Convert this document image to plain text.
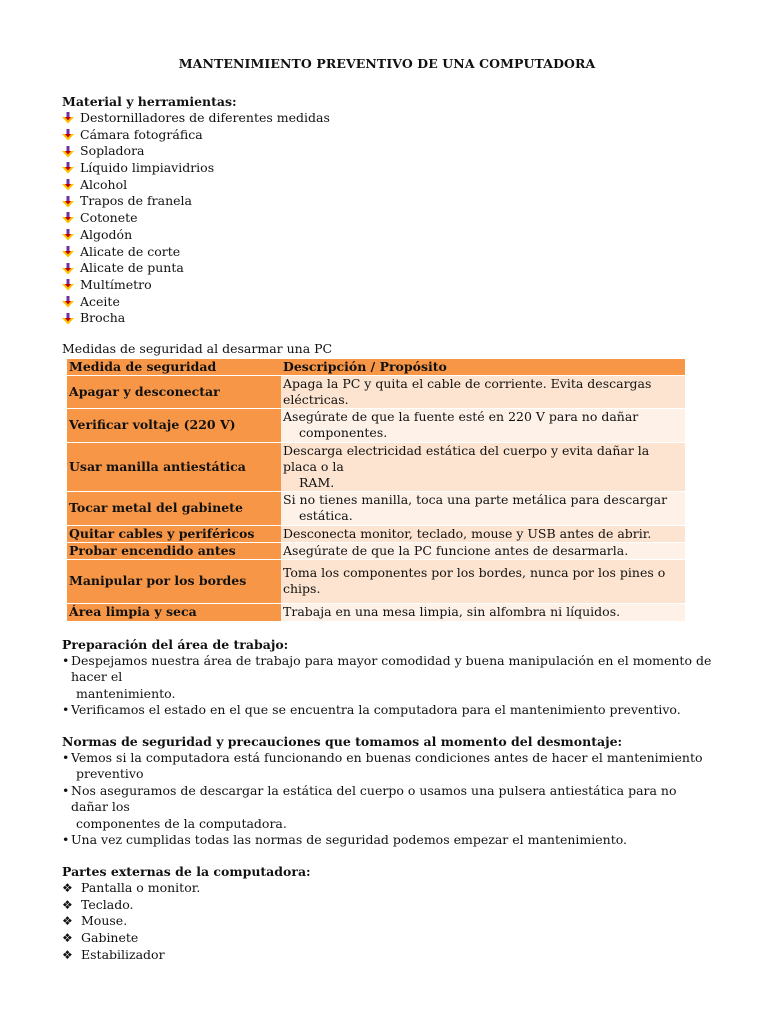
MANTENIMIENTO PREVENTIVO DE UNA COMPUTADORA
Material y herramientas:
Destornilladores de diferentes medidas
Cámara fotográfica
Sopladora
Líquido limpiavidrios
Alcohol
Trapos de franela
Cotonete
Algodón
Alicate de corte
Alicate de punta
Multímetro
Aceite
Brocha
Medidas de seguridad al desarmar una PC
Medida de seguridad	Descripción / Propósito
Apagar y desconectar	Apaga la PC y quita el cable de corriente. Evita descargas eléctricas.
Verificar voltaje (220 V)	Asegúrate de que la fuente esté en 220 V para no dañar
componentes.

Usar manilla antiestática	Descarga electricidad estática del cuerpo y evita dañar la placa o la
RAM.

Tocar metal del gabinete	Si no tienes manilla, toca una parte metálica para descargar
estática.

Quitar cables y periféricos	Desconecta monitor, teclado, mouse y USB antes de abrir.
Probar encendido antes	Asegúrate de que la PC funcione antes de desarmarla.
Manipular por los bordes	Toma los componentes por los bordes, nunca por los pines o chips.
Área limpia y seca	Trabaja en una mesa limpia, sin alfombra ni líquidos.
Preparación del área de trabajo:
• Despejamos nuestra área de trabajo para mayor comodidad y buena manipulación en el momento de hacer el
mantenimiento.
• Verificamos el estado en el que se encuentra la computadora para el mantenimiento preventivo.
Normas de seguridad y precauciones que tomamos al momento del desmontaje:
• Vemos si la computadora está funcionando en buenas condiciones antes de hacer el mantenimiento
preventivo
• Nos aseguramos de descargar la estática del cuerpo o usamos una pulsera antiestática para no dañar los
componentes de la computadora.
• Una vez cumplidas todas las normas de seguridad podemos empezar el mantenimiento.
Partes externas de la computadora:
❖ Pantalla o monitor.
❖ Teclado.
❖ Mouse.
❖ Gabinete
❖ Estabilizador
